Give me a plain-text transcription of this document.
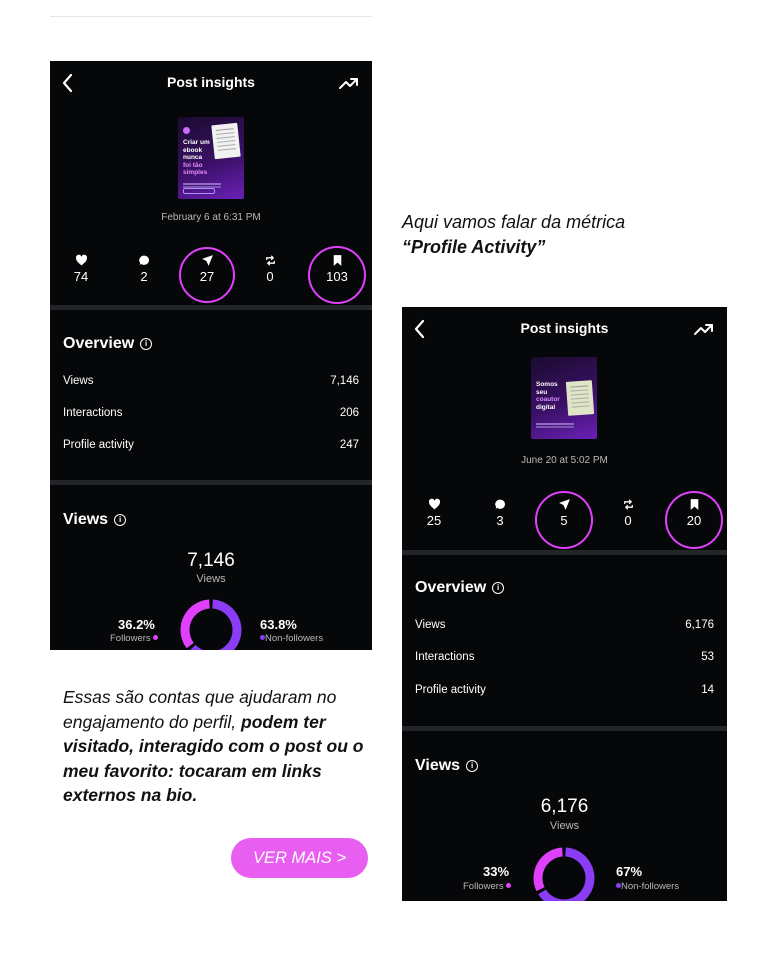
Post insights
Criar um
ebook nunca
foi tão simples
February 6 at 6:31 PM
74	2	27	0	103
Overview i
Views	7,146
Interactions	206
Profile activity	247
Views i
7,146
Views
36.2%
Followers
63.8%
Non-followers
Post insights
Somos seu
coautor
digital
June 20 at 5:02 PM
25	3	5	0	20
Overview i
Views	6,176
Interactions	53
Profile activity	14
Views i
6,176
Views
33%
Followers
67%
Non-followers
Aqui vamos falar da métrica
“Profile Activity”
Essas são contas que ajudaram no engajamento do perfil, podem ter visitado, interagido com o post ou o meu favorito: tocaram em links externos na bio.
VER MAIS >
